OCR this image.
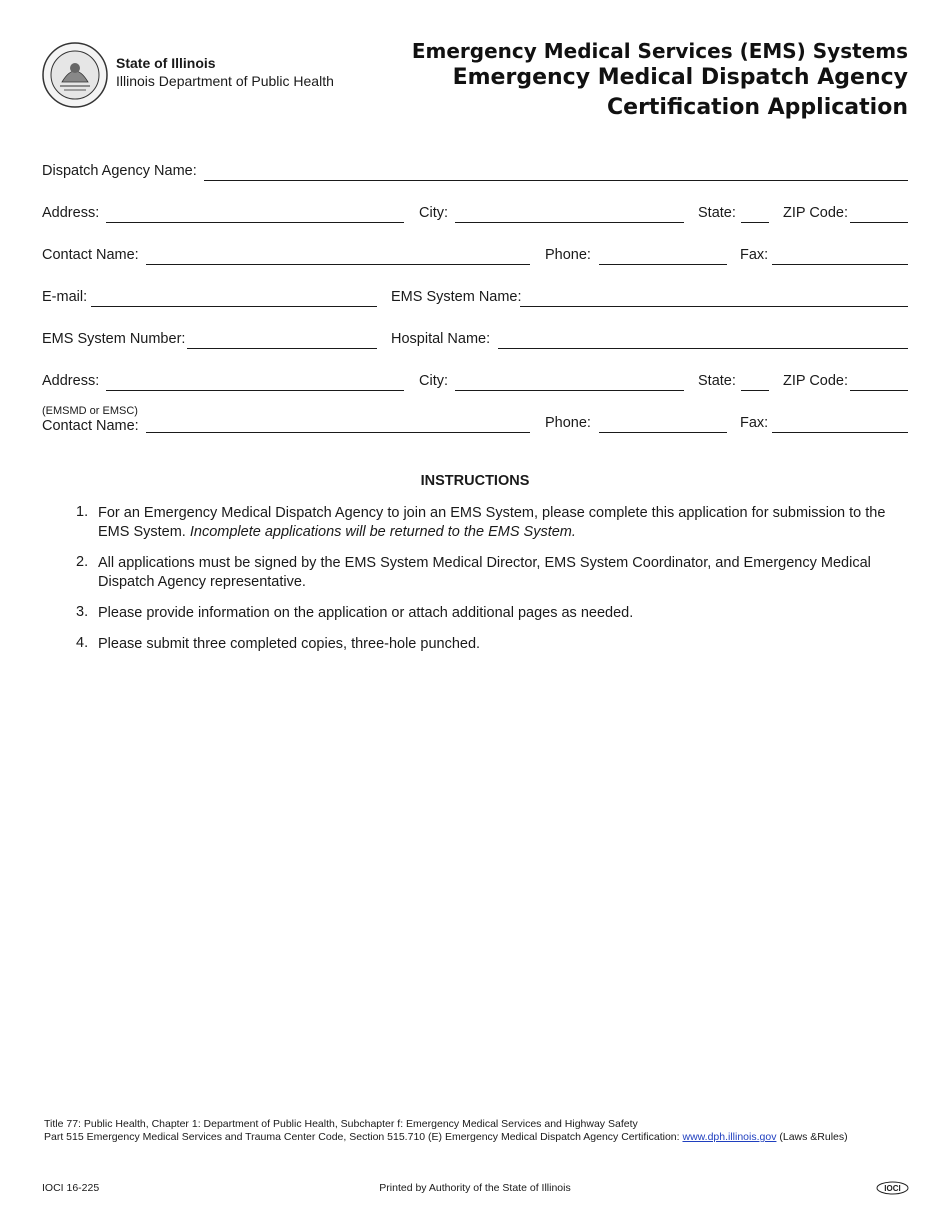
State of Illinois
Illinois Department of Public Health
Emergency Medical Services (EMS) Systems
Emergency Medical Dispatch Agency
Certification Application
Dispatch Agency Name:
Address:	City:	State:	ZIP Code:
Contact Name:	Phone:	Fax:
E-mail:	EMS System Name:
EMS System Number:	Hospital Name:
Address:	City:	State:	ZIP Code:
(EMSMD or EMSC)
Contact Name:	Phone:	Fax:
INSTRUCTIONS
1. For an Emergency Medical Dispatch Agency to join an EMS System, please complete this application for submission to the EMS System. Incomplete applications will be returned to the EMS System.
2. All applications must be signed by the EMS System Medical Director, EMS System Coordinator, and Emergency Medical Dispatch Agency representative.
3. Please provide information on the application or attach additional pages as needed.
4. Please submit three completed copies, three-hole punched.
Title 77: Public Health, Chapter 1: Department of Public Health, Subchapter f: Emergency Medical Services and Highway Safety
Part 515 Emergency Medical Services and Trauma Center Code, Section 515.710 (E) Emergency Medical Dispatch Agency Certification: www.dph.illinois.gov (Laws &Rules)
IOCI 16-225	Printed by Authority of the State of Illinois	IOCI
